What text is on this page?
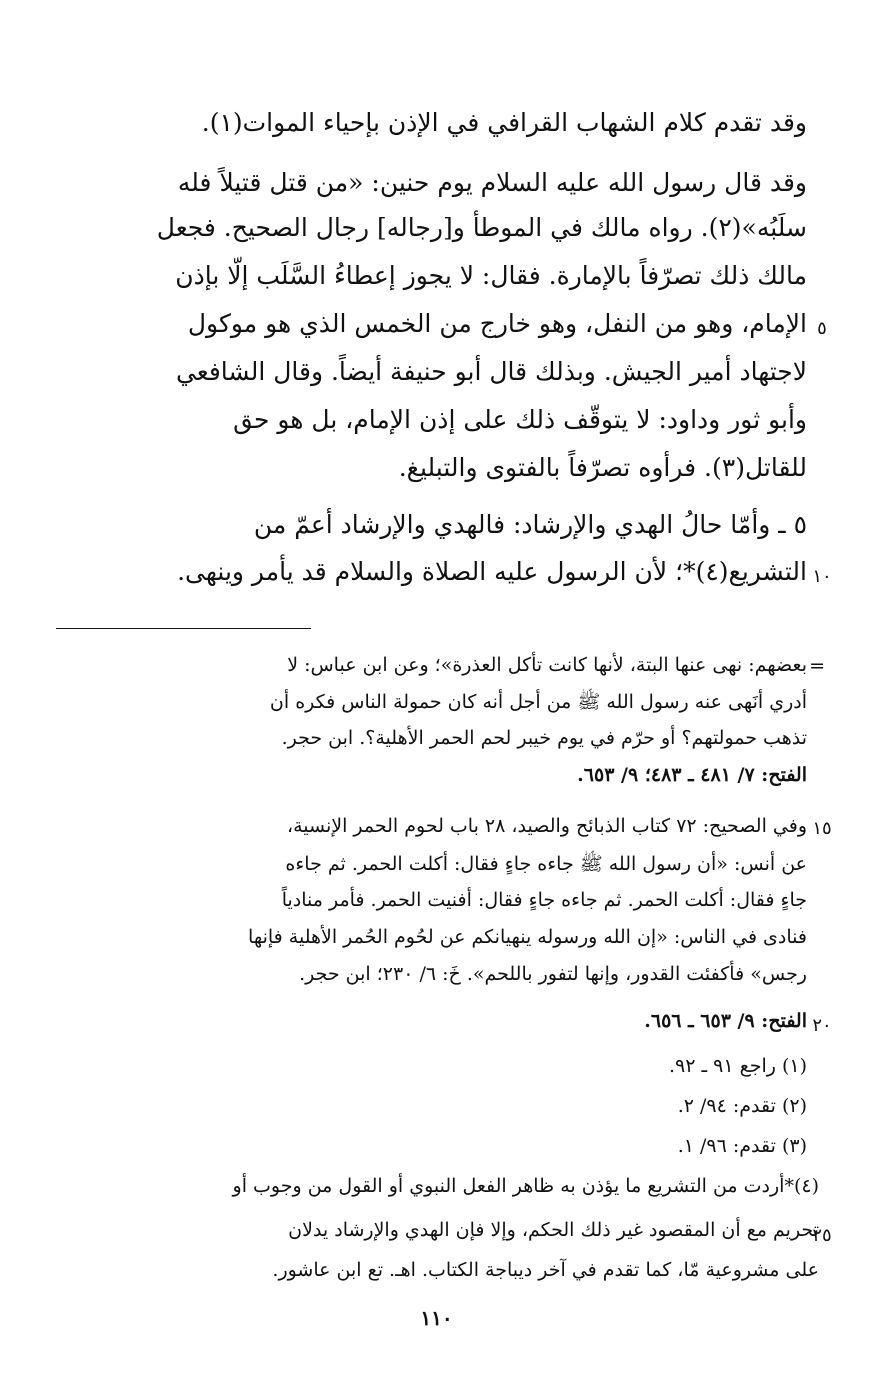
وقد تقدم كلام الشهاب القرافي في الإذن بإحياء الموات(١).
وقد قال رسول الله عليه السلام يوم حنين: «من قتل قتيلاً فله
سلَبُه»(٢). رواه مالك في الموطأ و[رجاله] رجال الصحيح. فجعل
مالك ذلك تصرّفاً بالإمارة. فقال: لا يجوز إعطاءُ السَّلَب إلّا بإذن
الإمام، وهو من النفل، وهو خارج من الخمس الذي هو موكول
لاجتهاد أمير الجيش. وبذلك قال أبو حنيفة أيضاً. وقال الشافعي
وأبو ثور وداود: لا يتوقّف ذلك على إذن الإمام، بل هو حق
للقاتل(٣). فرأوه تصرّفاً بالفتوى والتبليغ.
٥ ـ وأمّا حالُ الهدي والإرشاد: فالهدي والإرشاد أعمّ من
التشريع(٤)*؛ لأن الرسول عليه الصلاة والسلام قد يأمر وينهى.
٥
١٠
١٥
٢٠
٢٥
=
بعضهم: نهى عنها البتة، لأنها كانت تأكل العذرة»؛ وعن ابن عباس: لا
أدري أنَهى عنه رسول الله ﷺ من أجل أنه كان حمولة الناس فكره أن
تذهب حمولتهم؟ أو حرّم في يوم خيبر لحم الحمر الأهلية؟. ابن حجر.
الفتح: ٧/ ٤٨١ ـ ٤٨٣؛ ٩/ ٦٥٣.
وفي الصحيح: ٧٢ كتاب الذبائح والصيد، ٢٨ باب لحوم الحمر الإنسية،
عن أنس: «أن رسول الله ﷺ جاءه جاءٍ فقال: أكلت الحمر. ثم جاءه
جاءٍ فقال: أكلت الحمر. ثم جاءه جاءٍ فقال: أفنيت الحمر. فأمر منادياً
فنادى في الناس: «إن الله ورسوله ينهيانكم عن لحُوم الحُمر الأهلية فإنها
رجس» فأكفئت القدور، وإنها لتفور باللحم». خَ: ٦/ ٢٣٠؛ ابن حجر.
الفتح: ٩/ ٦٥٣ ـ ٦٥٦.
(١) راجع ٩١ ـ ٩٢.
(٢) تقدم: ٩٤/ ٢.
(٣) تقدم: ٩٦/ ١.
(٤)*أردت من التشريع ما يؤذن به ظاهر الفعل النبوي أو القول من وجوب أو
تحريم مع أن المقصود غير ذلك الحكم، وإلا فإن الهدي والإرشاد يدلان
على مشروعية مّا، كما تقدم في آخر ديباجة الكتاب. اهـ. تع ابن عاشور.
١١٠
